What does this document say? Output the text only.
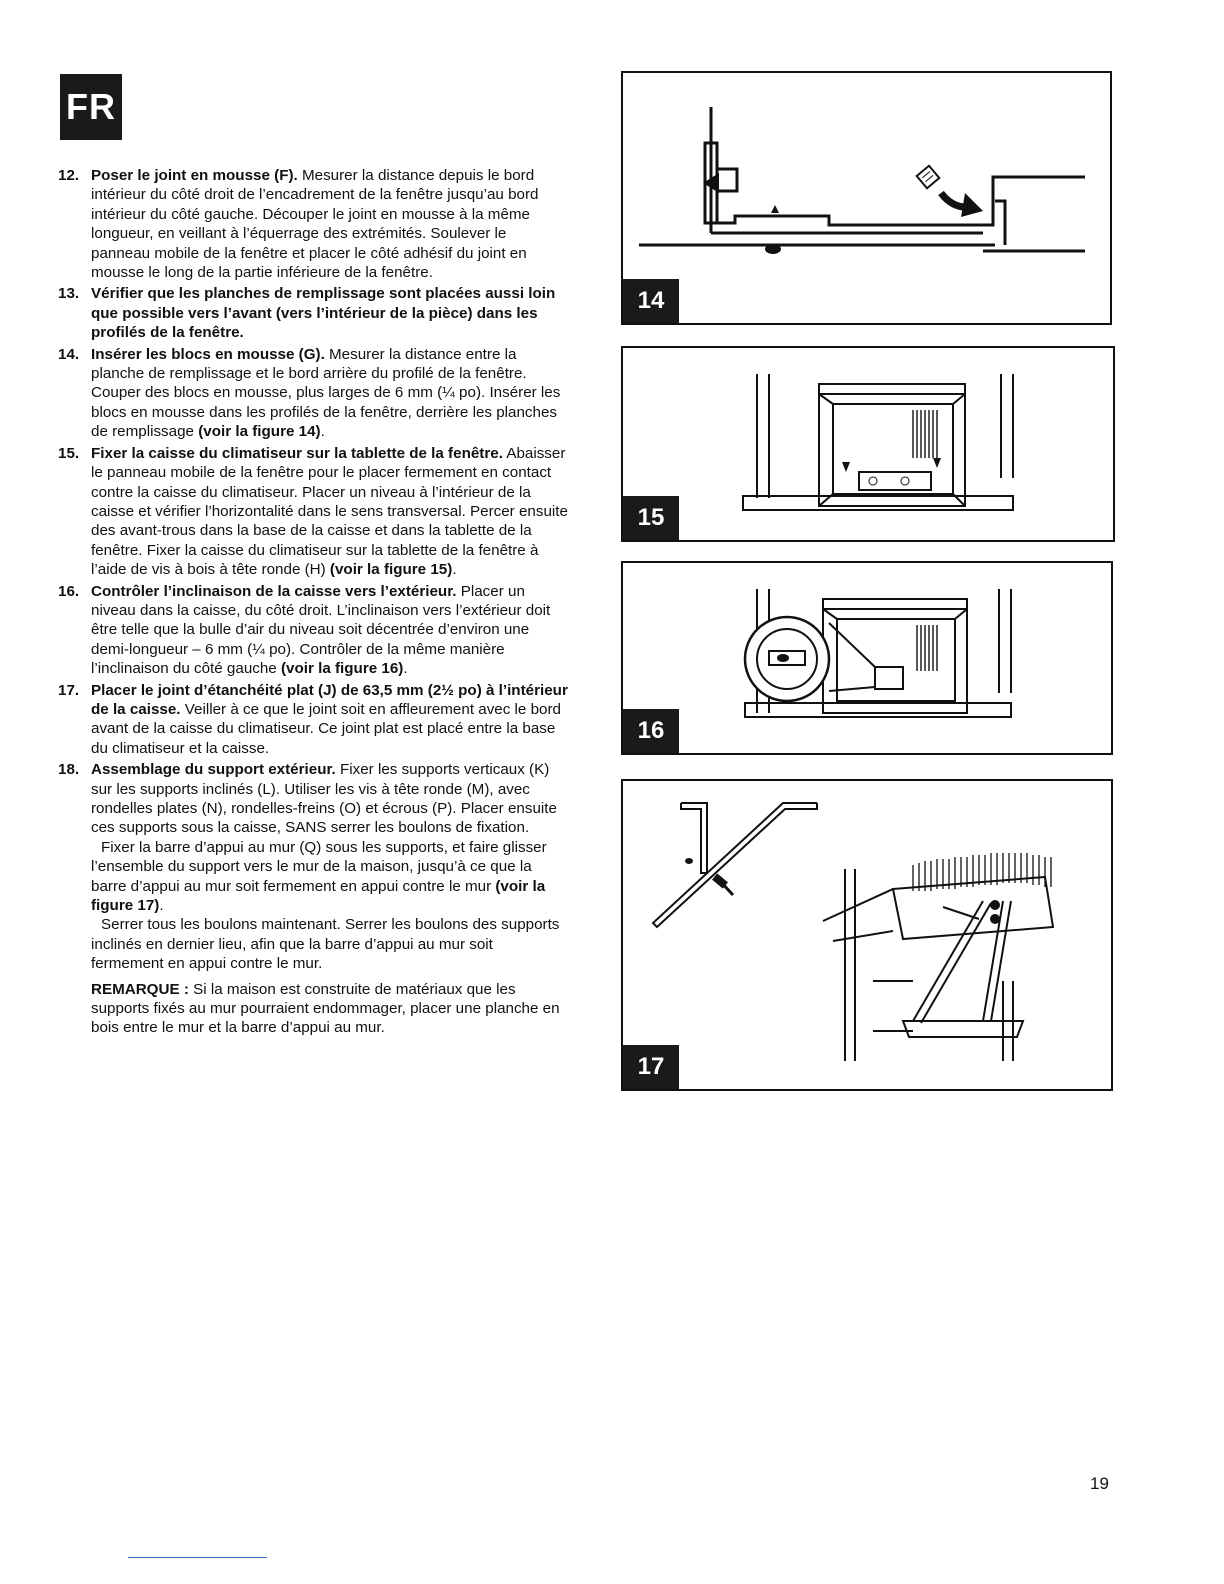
FR
12. Poser le joint en mousse (F). Mesurer la distance depuis le bord intérieur du côté droit de l’encadrement de la fenêtre jusqu’au bord intérieur du côté gauche. Découper le joint en mousse à la même longueur, en veillant à l’équerrage des extrémités. Soulever le panneau mobile de la fenêtre et placer le côté adhésif du joint en mousse le long de la partie inférieure de la fenêtre.

13. Vérifier que les planches de remplissage sont placées aussi loin que possible vers l’avant (vers l’intérieur de la pièce) dans les profilés de la fenêtre.

14. Insérer les blocs en mousse (G). Mesurer la distance entre la planche de remplissage et le bord arrière du profilé de la fenêtre. Couper des blocs en mousse, plus larges de 6 mm (¼ po). Insérer les blocs en mousse dans les profilés de la fenêtre, derrière les planches de remplissage (voir la figure 14).

15. Fixer la caisse du climatiseur sur la tablette de la fenêtre. Abaisser le panneau mobile de la fenêtre pour le placer fermement en contact contre la caisse du climatiseur. Placer un niveau à l’intérieur de la caisse et vérifier l’horizontalité dans le sens transversal. Percer ensuite des avant-trous dans la base de la caisse et dans la tablette de la fenêtre. Fixer la caisse du climatiseur sur la tablette de la fenêtre à l’aide de vis à bois à tête ronde (H) (voir la figure 15).

16. Contrôler l’inclinaison de la caisse vers l’extérieur. Placer un niveau dans la caisse, du côté droit. L’inclinaison vers l’extérieur doit être telle que la bulle d’air du niveau soit décentrée d’environ une demi-longueur – 6 mm (¼ po). Contrôler de la même manière l’inclinaison du côté gauche (voir la figure 16).

17. Placer le joint d’étanchéité plat (J) de 63,5 mm (2½ po) à l’intérieur de la caisse. Veiller à ce que le joint soit en affleurement avec le bord avant de la caisse du climatiseur. Ce joint plat est placé entre la base du climatiseur et la caisse.

18. Assemblage du support extérieur. Fixer les supports verticaux (K) sur les supports inclinés (L). Utiliser les vis à tête ronde (M), avec rondelles plates (N), rondelles-freins (O) et écrous (P). Placer ensuite ces supports sous la caisse, SANS serrer les boulons de fixation.

Fixer la barre d’appui au mur (Q) sous les supports, et faire glisser l’ensemble du support vers le mur de la maison, jusqu’à ce que la barre d’appui au mur soit fermement en appui contre le mur (voir la figure 17).

Serrer tous les boulons maintenant. Serrer les boulons des supports inclinés en dernier lieu, afin que la barre d’appui au mur soit fermement en appui contre le mur.

REMARQUE : Si la maison est construite de matériaux que les supports fixés au mur pourraient endommager, placer une planche en bois entre le mur et la barre d’appui au mur.
14
15
16
17
19
